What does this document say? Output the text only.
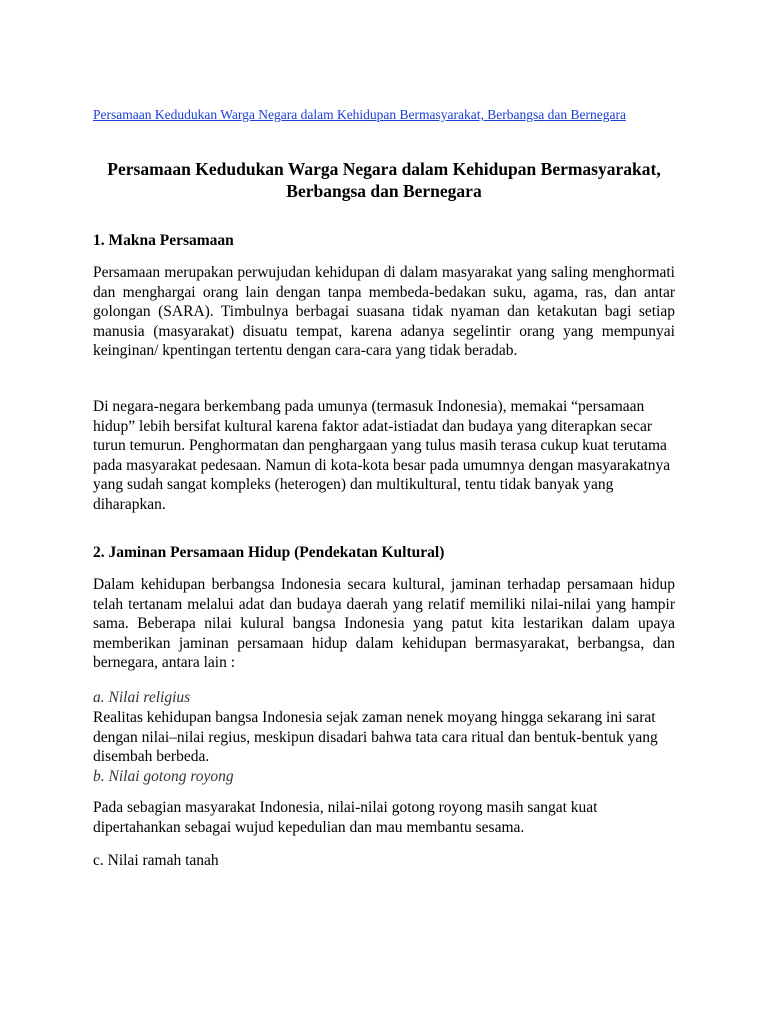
Persamaan Kedudukan Warga Negara dalam Kehidupan Bermasyarakat, Berbangsa dan Bernegara
Persamaan Kedudukan Warga Negara dalam Kehidupan Bermasyarakat, Berbangsa dan Bernegara
1. Makna Persamaan
Persamaan merupakan perwujudan kehidupan di dalam masyarakat yang saling menghormati dan menghargai orang lain dengan tanpa membeda-bedakan suku, agama, ras, dan antar golongan (SARA). Timbulnya berbagai suasana tidak nyaman dan ketakutan bagi setiap manusia (masyarakat) disuatu tempat, karena adanya segelintir orang yang mempunyai keinginan/ kpentingan tertentu dengan cara-cara yang tidak beradab.
Di negara-negara berkembang pada umunya (termasuk Indonesia), memakai “persamaan hidup” lebih bersifat kultural karena faktor adat-istiadat dan budaya yang diterapkan secar turun temurun. Penghormatan dan penghargaan yang tulus masih terasa cukup kuat terutama pada masyarakat pedesaan. Namun di kota-kota besar pada umumnya dengan masyarakatnya yang sudah sangat kompleks (heterogen) dan multikultural, tentu tidak banyak yang diharapkan.
2. Jaminan Persamaan Hidup (Pendekatan Kultural)
Dalam kehidupan berbangsa Indonesia secara kultural, jaminan terhadap persamaan hidup telah tertanam melalui adat dan budaya daerah yang relatif memiliki nilai-nilai yang hampir sama. Beberapa nilai kulural bangsa Indonesia yang patut kita lestarikan dalam upaya memberikan jaminan persamaan hidup dalam kehidupan bermasyarakat, berbangsa, dan bernegara, antara lain :
a. Nilai religius
Realitas kehidupan bangsa Indonesia sejak zaman nenek moyang hingga sekarang ini sarat dengan nilai–nilai regius, meskipun disadari bahwa tata cara ritual dan bentuk-bentuk yang disembah berbeda.
b. Nilai gotong royong
Pada sebagian masyarakat Indonesia, nilai-nilai gotong royong masih sangat kuat dipertahankan sebagai wujud kepedulian dan mau membantu sesama.
c. Nilai ramah tanah
